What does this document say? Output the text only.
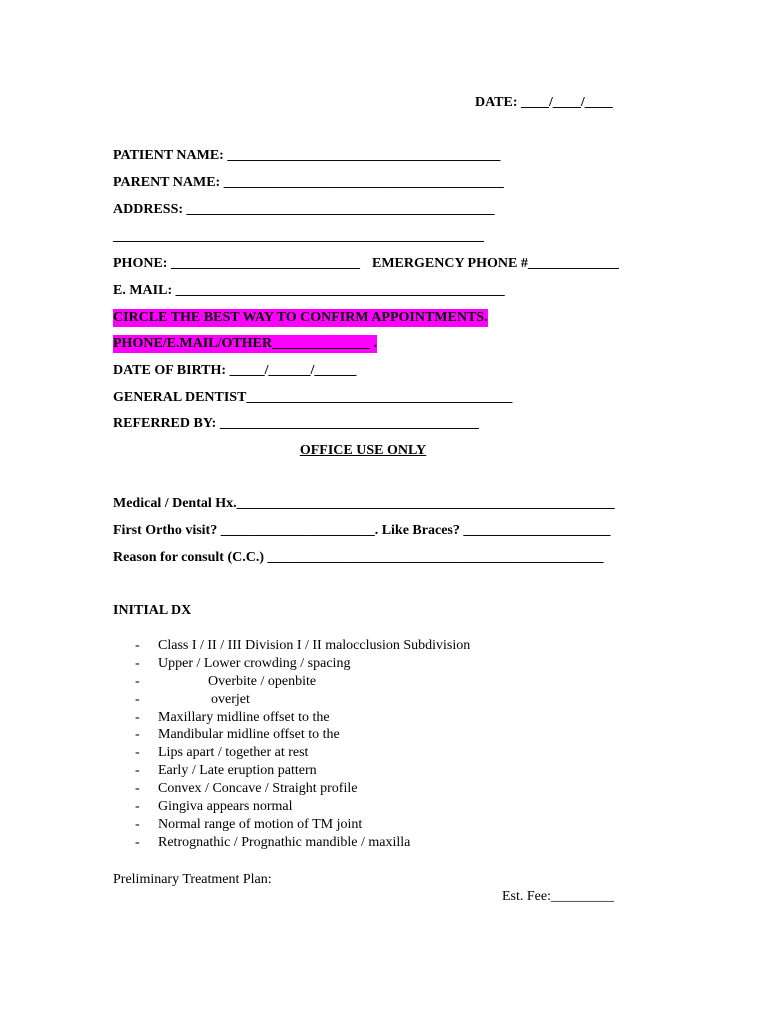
DATE: ____/____/____
PATIENT NAME: _______________________________________
PARENT NAME: ________________________________________
ADDRESS: ____________________________________________
_____________________________________________________
PHONE: ___________________________ EMERGENCY PHONE #_____________
E. MAIL: _______________________________________________
CIRCLE THE BEST WAY TO CONFIRM APPOINTMENTS.
PHONE/E.MAIL/OTHER______________ .
DATE OF BIRTH: _____/______/______
GENERAL DENTIST______________________________________
REFERRED BY: _____________________________________
OFFICE USE ONLY
Medical / Dental Hx.______________________________________________________
First Ortho visit? ______________________. Like Braces? _____________________
Reason for consult (C.C.) ________________________________________________
INITIAL DX
- Class I / II / III Division I / II malocclusion Subdivision
- Upper / Lower crowding / spacing
-	Overbite / openbite
-	overjet
- Maxillary midline offset to the
- Mandibular midline offset to the
- Lips apart / together at rest
- Early / Late eruption pattern
- Convex / Concave / Straight profile
- Gingiva appears normal
- Normal range of motion of TM joint
- Retrognathic / Prognathic mandible / maxilla
Preliminary Treatment Plan:
Est. Fee:_________
